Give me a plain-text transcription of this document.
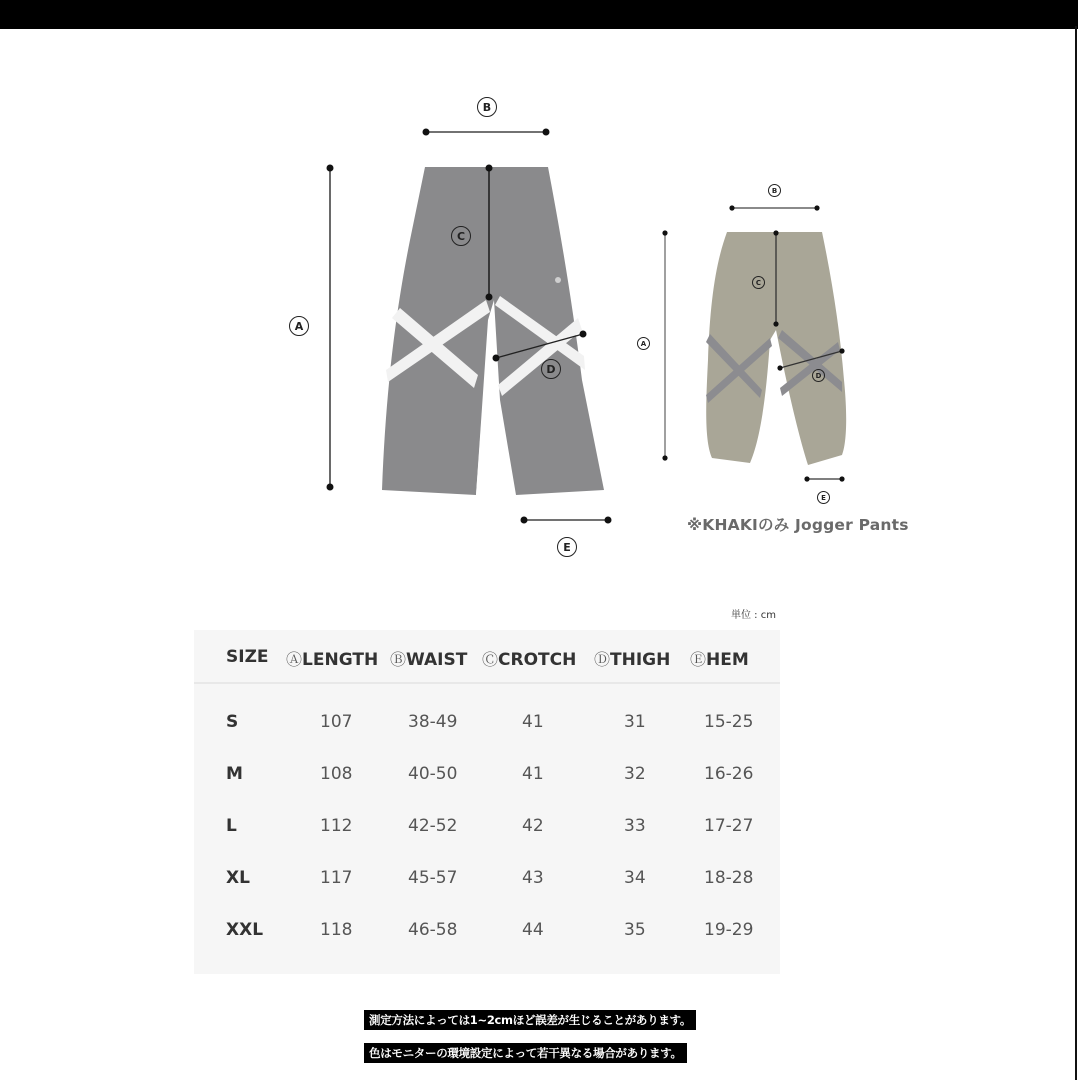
B
A
C
D
E
B
A
C
D
E
※KHAKIのみ Jogger Pants
単位 : cm
SIZE ⒶLENGTH ⒷWAIST ⒸCROTCH ⒹTHIGH ⒺHEM
S	107	38-49	41	31	15-25
M	108	40-50	41	32	16-26
L	112	42-52	42	33	17-27
XL	117	45-57	43	34	18-28
XXL	118	46-58	44	35	19-29
測定方法によっては1~2cmほど誤差が生じることがあります。
色はモニターの環境設定によって若干異なる場合があります。
